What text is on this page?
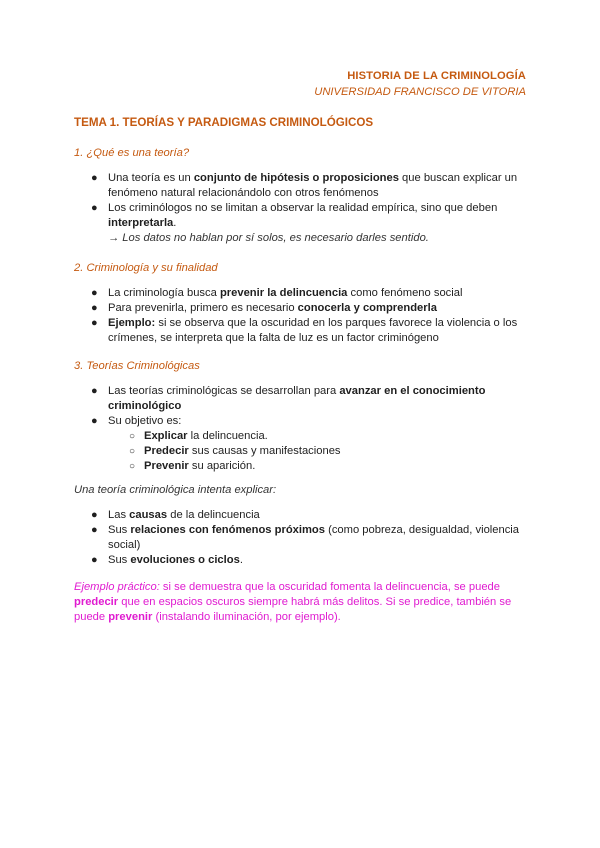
HISTORIA DE LA CRIMINOLOGÍA
UNIVERSIDAD FRANCISCO DE VITORIA
TEMA 1. TEORÍAS Y PARADIGMAS CRIMINOLÓGICOS

1. ¿Qué es una teoría?

● Una teoría es un conjunto de hipótesis o proposiciones que buscan explicar un fenómeno natural relacionándolo con otros fenómenos
● Los criminólogos no se limitan a observar la realidad empírica, sino que deben interpretarla.
→ Los datos no hablan por sí solos, es necesario darles sentido.

2. Criminología y su finalidad

● La criminología busca prevenir la delincuencia como fenómeno social
● Para prevenirla, primero es necesario conocerla y comprenderla
● Ejemplo: si se observa que la oscuridad en los parques favorece la violencia o los crímenes, se interpreta que la falta de luz es un factor criminógeno

3. Teorías Criminológicas

● Las teorías criminológicas se desarrollan para avanzar en el conocimiento criminológico
● Su objetivo es:
○ Explicar la delincuencia.
○ Predecir sus causas y manifestaciones
○ Prevenir su aparición.

Una teoría criminológica intenta explicar:

● Las causas de la delincuencia
● Sus relaciones con fenómenos próximos (como pobreza, desigualdad, violencia social)
● Sus evoluciones o ciclos.
Ejemplo práctico: si se demuestra que la oscuridad fomenta la delincuencia, se puede predecir que en espacios oscuros siempre habrá más delitos. Si se predice, también se puede prevenir (instalando iluminación, por ejemplo).
